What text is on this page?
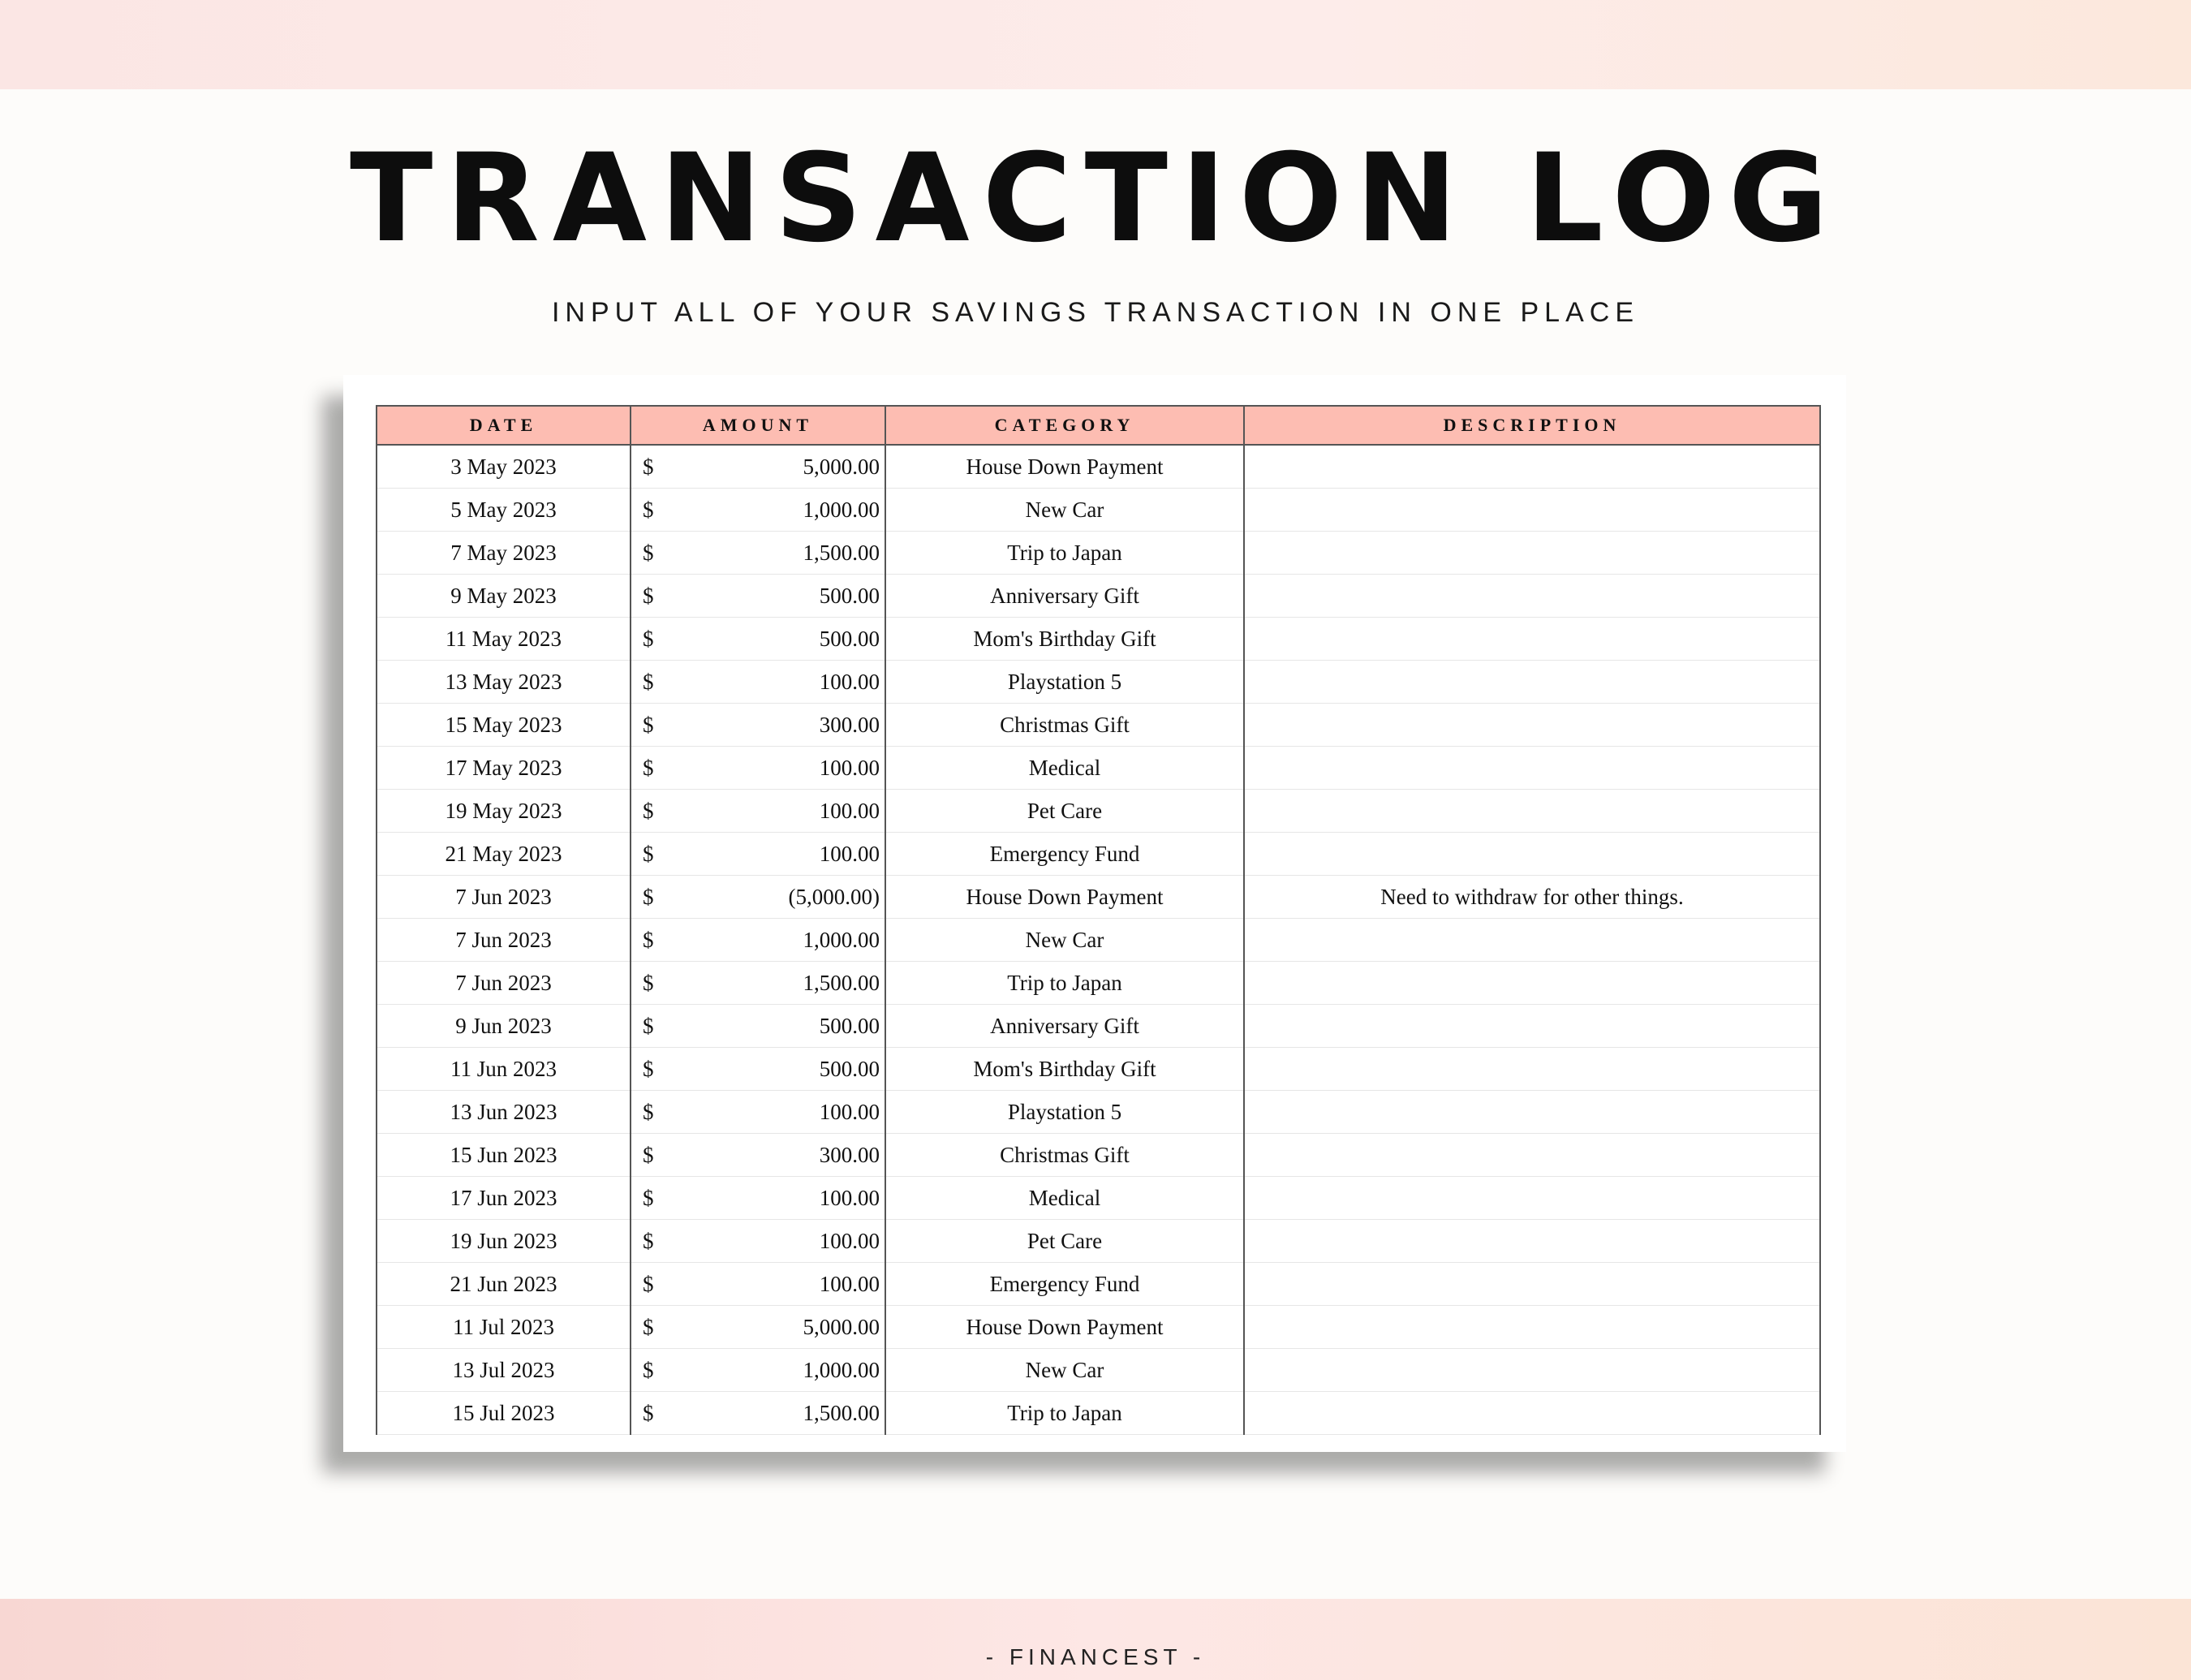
TRANSACTION LOG
INPUT ALL OF YOUR SAVINGS TRANSACTION IN ONE PLACE
DATE	AMOUNT	CATEGORY	DESCRIPTION
3 May 2023	$ 5,000.00	House Down Payment	
5 May 2023	$ 1,000.00	New Car	
7 May 2023	$ 1,500.00	Trip to Japan	
9 May 2023	$ 500.00	Anniversary Gift	
11 May 2023	$ 500.00	Mom's Birthday Gift	
13 May 2023	$ 100.00	Playstation 5	
15 May 2023	$ 300.00	Christmas Gift	
17 May 2023	$ 100.00	Medical	
19 May 2023	$ 100.00	Pet Care	
21 May 2023	$ 100.00	Emergency Fund	
7 Jun 2023	$ (5,000.00)	House Down Payment	Need to withdraw for other things.
7 Jun 2023	$ 1,000.00	New Car	
7 Jun 2023	$ 1,500.00	Trip to Japan	
9 Jun 2023	$ 500.00	Anniversary Gift	
11 Jun 2023	$ 500.00	Mom's Birthday Gift	
13 Jun 2023	$ 100.00	Playstation 5	
15 Jun 2023	$ 300.00	Christmas Gift	
17 Jun 2023	$ 100.00	Medical	
19 Jun 2023	$ 100.00	Pet Care	
21 Jun 2023	$ 100.00	Emergency Fund	
11 Jul 2023	$ 5,000.00	House Down Payment	
13 Jul 2023	$ 1,000.00	New Car	
15 Jul 2023	$ 1,500.00	Trip to Japan	
- FINANCEST -
